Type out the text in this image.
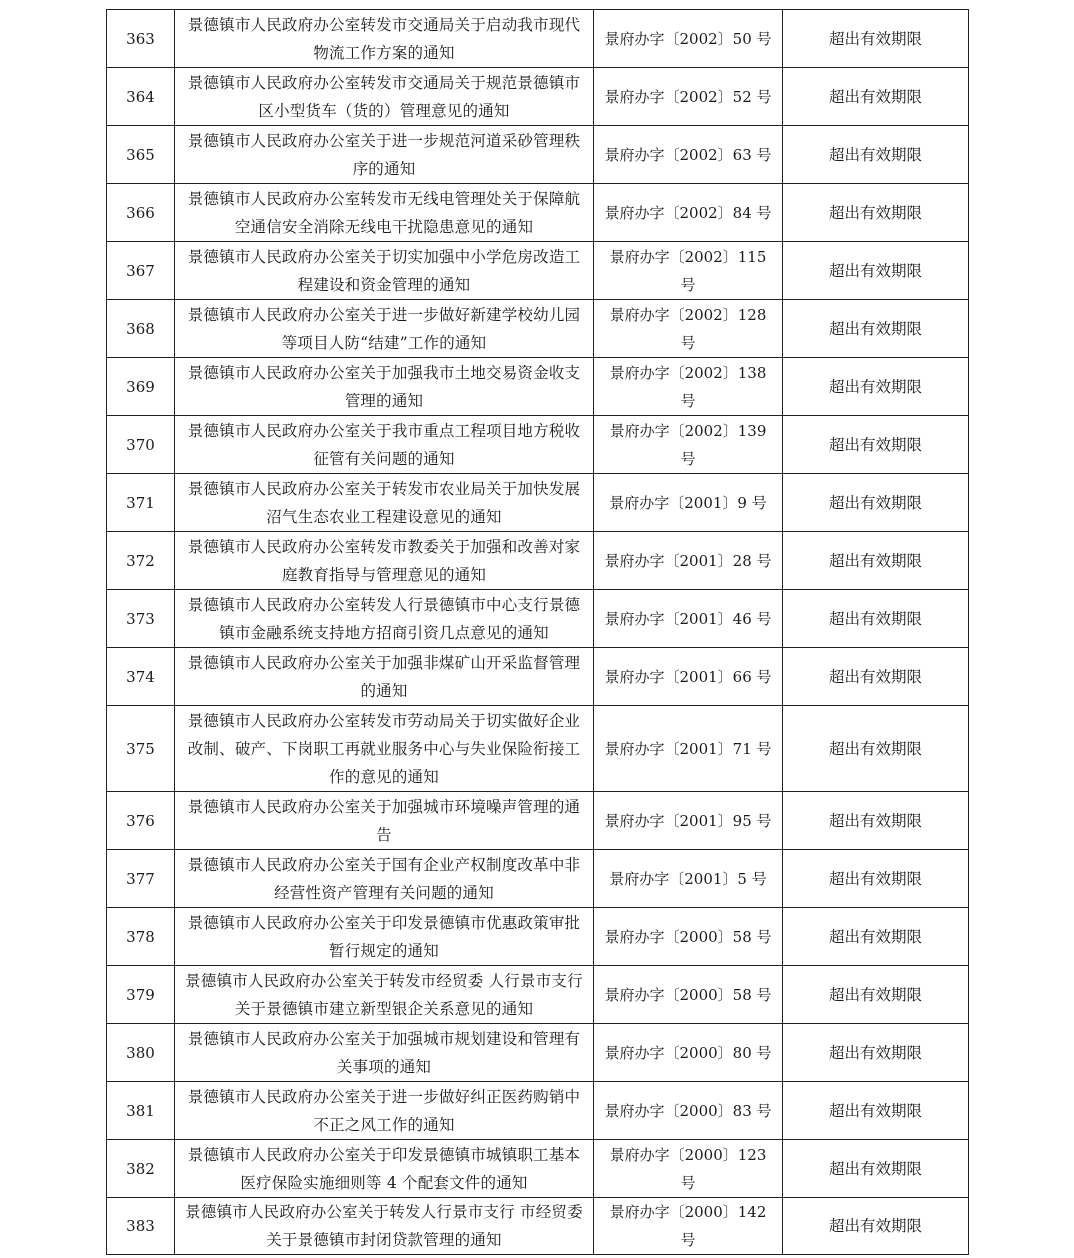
363	景德镇市人民政府办公室转发市交通局关于启动我市现代物流工作方案的通知	景府办字〔2002〕50 号	超出有效期限
364	景德镇市人民政府办公室转发市交通局关于规范景德镇市区小型货车（货的）管理意见的通知	景府办字〔2002〕52 号	超出有效期限
365	景德镇市人民政府办公室关于进一步规范河道采砂管理秩序的通知	景府办字〔2002〕63 号	超出有效期限
366	景德镇市人民政府办公室转发市无线电管理处关于保障航空通信安全消除无线电干扰隐患意见的通知	景府办字〔2002〕84 号	超出有效期限
367	景德镇市人民政府办公室关于切实加强中小学危房改造工程建设和资金管理的通知	景府办字〔2002〕115 号	超出有效期限
368	景德镇市人民政府办公室关于进一步做好新建学校幼儿园等项目人防“结建”工作的通知	景府办字〔2002〕128 号	超出有效期限
369	景德镇市人民政府办公室关于加强我市土地交易资金收支管理的通知	景府办字〔2002〕138 号	超出有效期限
370	景德镇市人民政府办公室关于我市重点工程项目地方税收征管有关问题的通知	景府办字〔2002〕139 号	超出有效期限
371	景德镇市人民政府办公室关于转发市农业局关于加快发展沼气生态农业工程建设意见的通知	景府办字〔2001〕9 号	超出有效期限
372	景德镇市人民政府办公室转发市教委关于加强和改善对家庭教育指导与管理意见的通知	景府办字〔2001〕28 号	超出有效期限
373	景德镇市人民政府办公室转发人行景德镇市中心支行景德镇市金融系统支持地方招商引资几点意见的通知	景府办字〔2001〕46 号	超出有效期限
374	景德镇市人民政府办公室关于加强非煤矿山开采监督管理的通知	景府办字〔2001〕66 号	超出有效期限
375	景德镇市人民政府办公室转发市劳动局关于切实做好企业改制、破产、下岗职工再就业服务中心与失业保险衔接工作的意见的通知	景府办字〔2001〕71 号	超出有效期限
376	景德镇市人民政府办公室关于加强城市环境噪声管理的通告	景府办字〔2001〕95 号	超出有效期限
377	景德镇市人民政府办公室关于国有企业产权制度改革中非经营性资产管理有关问题的通知	景府办字〔2001〕5 号	超出有效期限
378	景德镇市人民政府办公室关于印发景德镇市优惠政策审批暂行规定的通知	景府办字〔2000〕58 号	超出有效期限
379	景德镇市人民政府办公室关于转发市经贸委 人行景市支行关于景德镇市建立新型银企关系意见的通知	景府办字〔2000〕58 号	超出有效期限
380	景德镇市人民政府办公室关于加强城市规划建设和管理有关事项的通知	景府办字〔2000〕80 号	超出有效期限
381	景德镇市人民政府办公室关于进一步做好纠正医药购销中不正之风工作的通知	景府办字〔2000〕83 号	超出有效期限
382	景德镇市人民政府办公室关于印发景德镇市城镇职工基本医疗保险实施细则等 4 个配套文件的通知	景府办字〔2000〕123 号	超出有效期限
383	景德镇市人民政府办公室关于转发人行景市支行 市经贸委关于景德镇市封闭贷款管理的通知	景府办字〔2000〕142 号	超出有效期限
